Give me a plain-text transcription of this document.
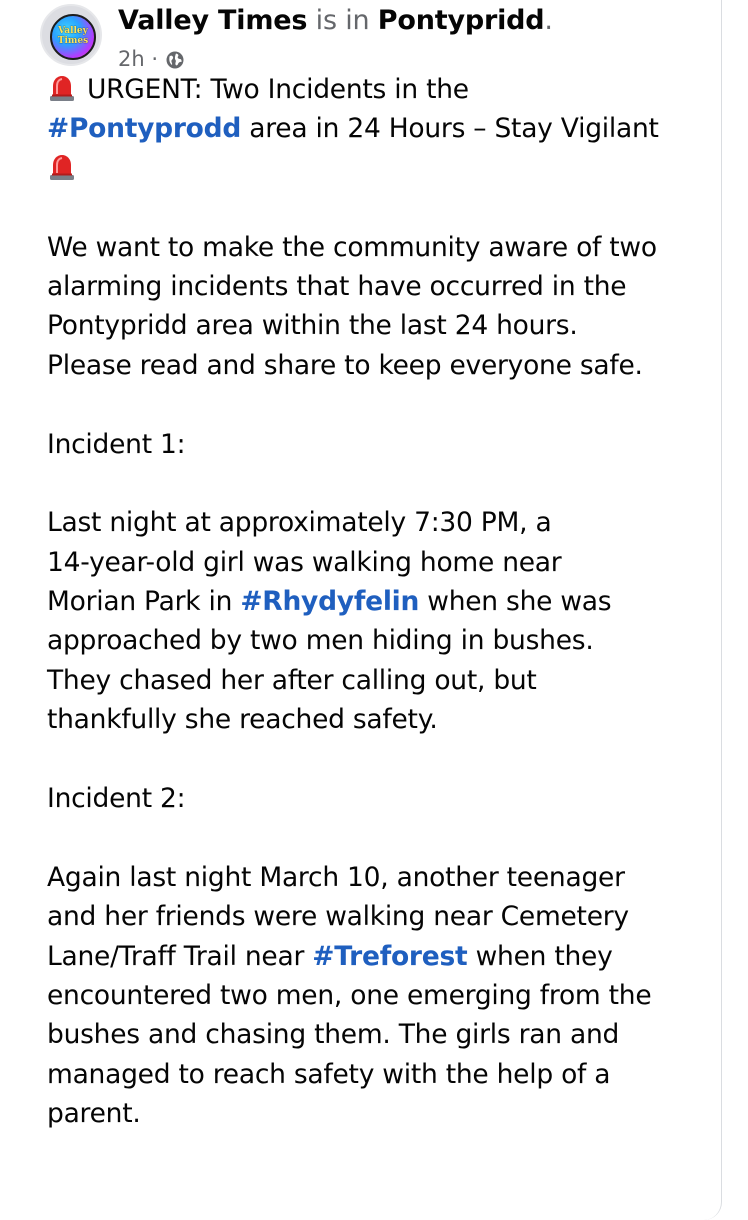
Valley Times
Valley Times is in Pontypridd.
2h ·
URGENT: Two Incidents in the
#Pontyprodd area in 24 Hours – Stay Vigilant
We want to make the community aware of two
alarming incidents that have occurred in the
Pontypridd area within the last 24 hours.
Please read and share to keep everyone safe.
Incident 1:
Last night at approximately 7:30 PM, a
14-year-old girl was walking home near
Morian Park in #Rhydyfelin when she was
approached by two men hiding in bushes.
They chased her after calling out, but
thankfully she reached safety.
Incident 2:
Again last night March 10, another teenager
and her friends were walking near Cemetery
Lane/Traff Trail near #Treforest when they
encountered two men, one emerging from the
bushes and chasing them. The girls ran and
managed to reach safety with the help of a
parent.
